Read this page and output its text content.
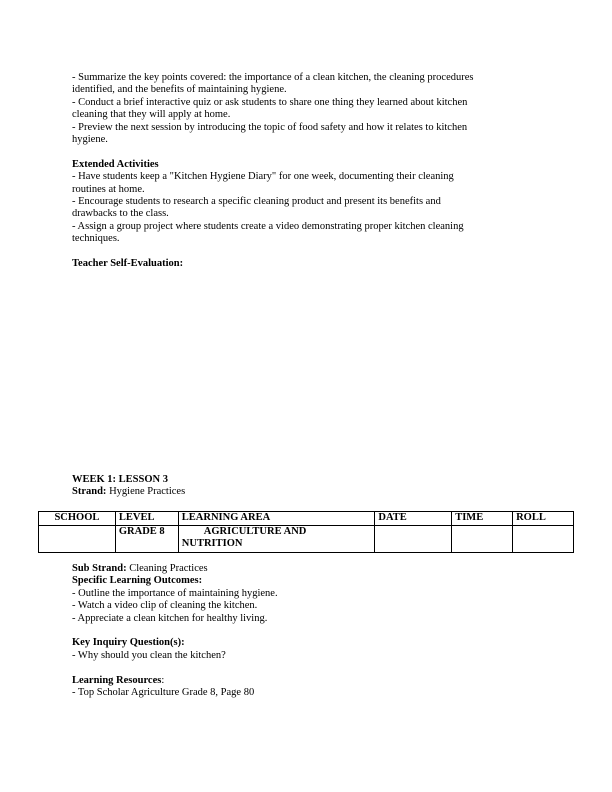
- Summarize the key points covered: the importance of a clean kitchen, the cleaning procedures
identified, and the benefits of maintaining hygiene.
- Conduct a brief interactive quiz or ask students to share one thing they learned about kitchen
cleaning that they will apply at home.
- Preview the next session by introducing the topic of food safety and how it relates to kitchen
hygiene.
Extended Activities
- Have students keep a "Kitchen Hygiene Diary" for one week, documenting their cleaning
routines at home.
- Encourage students to research a specific cleaning product and present its benefits and
drawbacks to the class.
- Assign a group project where students create a video demonstrating proper kitchen cleaning
techniques.
Teacher Self-Evaluation:
WEEK 1: LESSON 3
Strand: Hygiene Practices
SCHOOL	LEVEL	LEARNING AREA	DATE	TIME	ROLL
	GRADE 8	AGRICULTURE AND
NUTRITION			

Sub Strand: Cleaning Practices
Specific Learning Outcomes:
- Outline the importance of maintaining hygiene.
- Watch a video clip of cleaning the kitchen.
- Appreciate a clean kitchen for healthy living.
Key Inquiry Question(s):
- Why should you clean the kitchen?
Learning Resources:
- Top Scholar Agriculture Grade 8, Page 80
